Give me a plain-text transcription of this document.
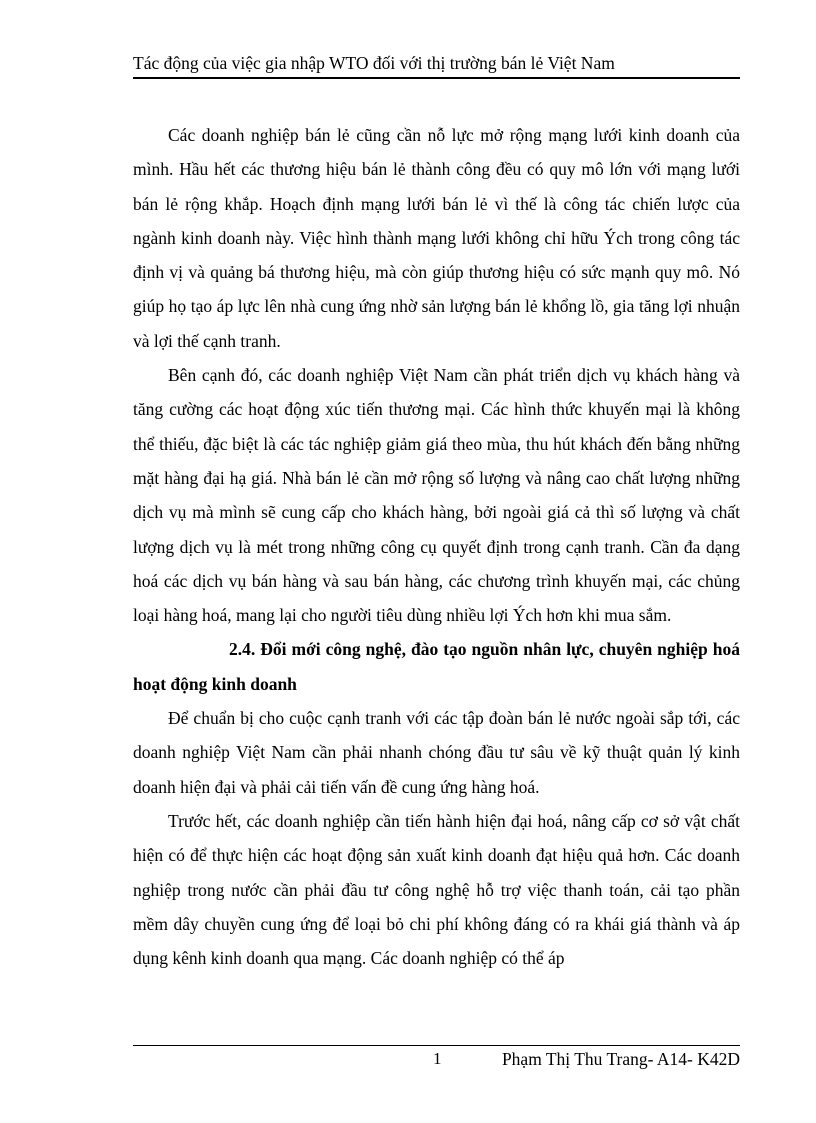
Tác động của việc gia nhập WTO đối với thị trường bán lẻ Việt Nam

Các doanh nghiệp bán lẻ cũng cần nỗ lực mở rộng mạng lưới kinh doanh của mình. Hầu hết các thương hiệu bán lẻ thành công đều có quy mô lớn với mạng lưới bán lẻ rộng khắp. Hoạch định mạng lưới bán lẻ vì thế là công tác chiến lược của ngành kinh doanh này. Việc hình thành mạng lưới không chỉ hữu Ých trong công tác định vị và quảng bá thương hiệu, mà còn giúp thương hiệu có sức mạnh quy mô. Nó giúp họ tạo áp lực lên nhà cung ứng nhờ sản lượng bán lẻ khổng lồ, gia tăng lợi nhuận và lợi thế cạnh tranh.

Bên cạnh đó, các doanh nghiệp Việt Nam cần phát triển dịch vụ khách hàng và tăng cường các hoạt động xúc tiến thương mại. Các hình thức khuyến mại là không thể thiếu, đặc biệt là các tác nghiệp giảm giá theo mùa, thu hút khách đến bằng những mặt hàng đại hạ giá. Nhà bán lẻ cần mở rộng số lượng và nâng cao chất lượng những dịch vụ mà mình sẽ cung cấp cho khách hàng, bởi ngoài giá cả thì số lượng và chất lượng dịch vụ là mét trong những công cụ quyết định trong cạnh tranh. Cần đa dạng hoá các dịch vụ bán hàng và sau bán hàng, các chương trình khuyến mại, các chủng loại hàng hoá, mang lại cho người tiêu dùng nhiều lợi Ých hơn khi mua sắm.

2.4. Đổi mới công nghệ, đào tạo nguồn nhân lực, chuyên nghiệp hoá hoạt động kinh doanh

Để chuẩn bị cho cuộc cạnh tranh với các tập đoàn bán lẻ nước ngoài sắp tới, các doanh nghiệp Việt Nam cần phải nhanh chóng đầu tư sâu về kỹ thuật quản lý kinh doanh hiện đại và phải cải tiến vấn đề cung ứng hàng hoá.

Trước hết, các doanh nghiệp cần tiến hành hiện đại hoá, nâng cấp cơ sở vật chất hiện có để thực hiện các hoạt động sản xuất kinh doanh đạt hiệu quả hơn. Các doanh nghiệp trong nước cần phải đầu tư công nghệ hỗ trợ việc thanh toán, cải tạo phần mềm dây chuyền cung ứng để loại bỏ chi phí không đáng có ra khái giá thành và áp dụng kênh kinh doanh qua mạng. Các doanh nghiệp có thể áp

1	Phạm Thị Thu Trang- A14- K42D
